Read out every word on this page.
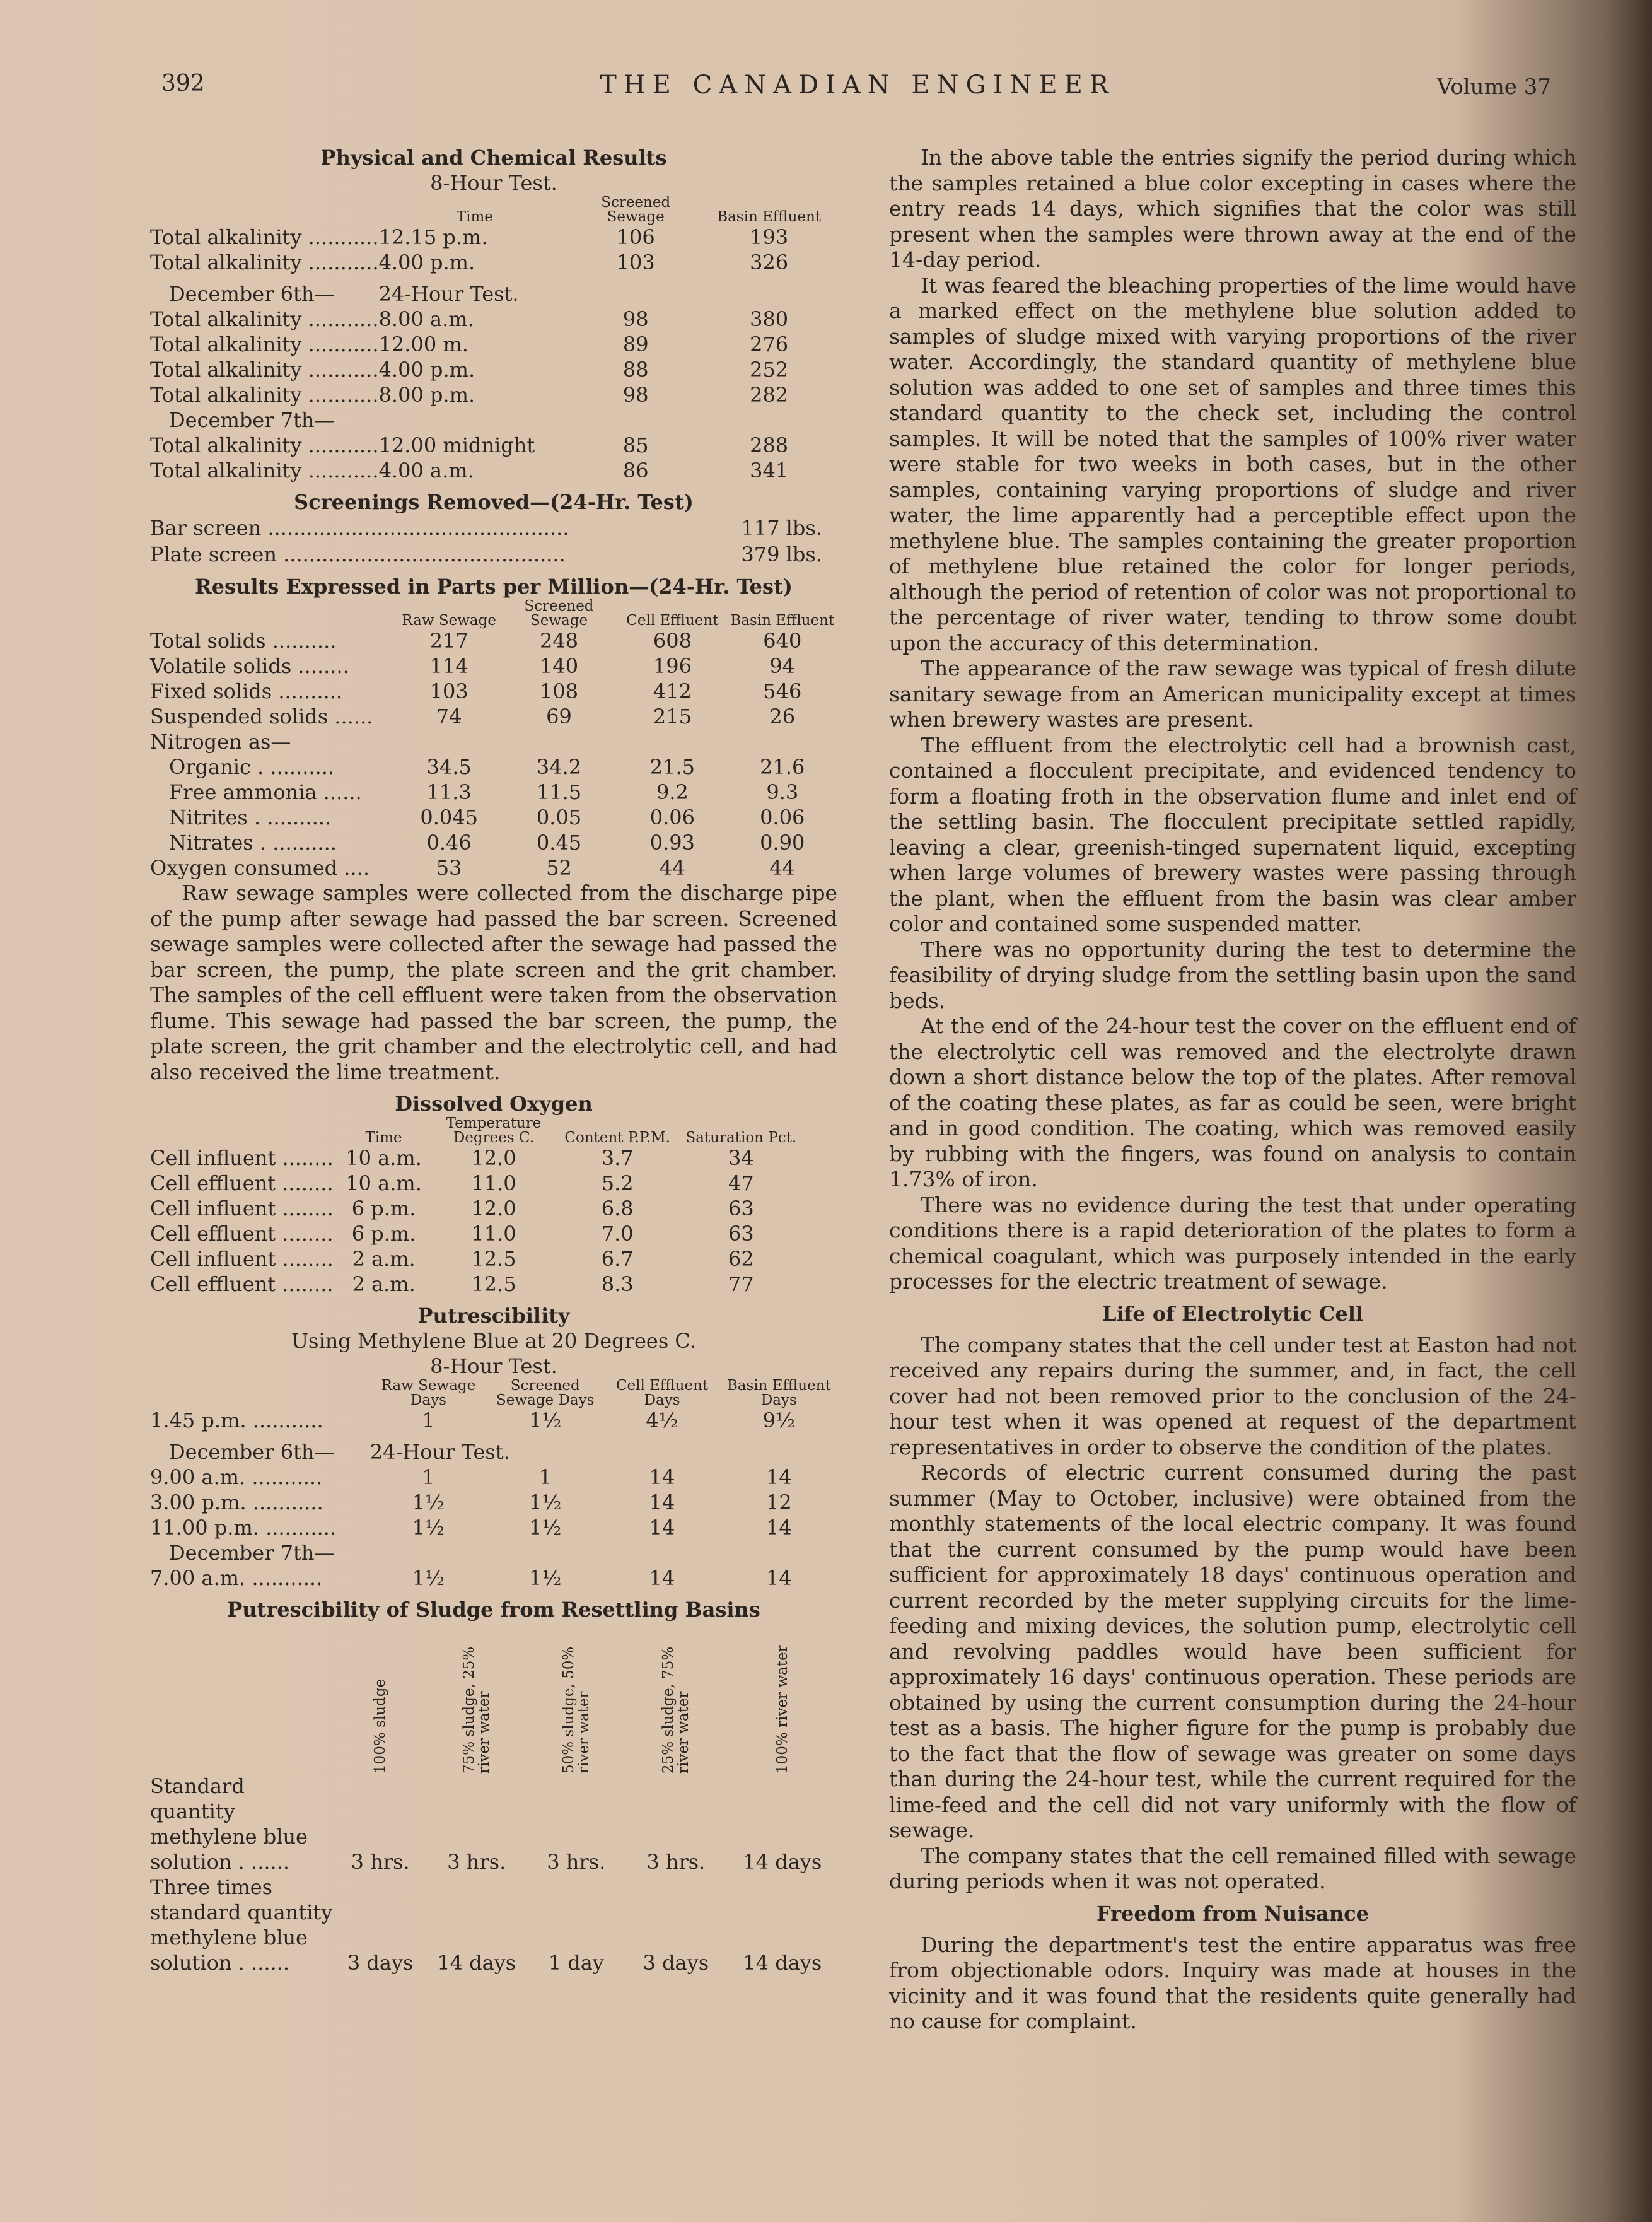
392	THE CANADIAN ENGINEER	Volume 37

Physical and Chemical Results

8-Hour Test.

	Time	Screened Sewage	Basin Effluent
Total alkalinity ...........	12.15 p.m.	106	193
Total alkalinity ...........	4.00 p.m.	103	326
December 6th—	24-Hour Test.		
Total alkalinity ...........	8.00 a.m.	98	380
Total alkalinity ...........	12.00 m.	89	276
Total alkalinity ...........	4.00 p.m.	88	252
Total alkalinity ...........	8.00 p.m.	98	282
December 7th—			
Total alkalinity ...........	12.00 midnight	85	288
Total alkalinity ...........	4.00 a.m.	86	341

Screenings Removed—(24-Hr. Test)

Bar screen ...............................................	117 lbs.
Plate screen ............................................	379 lbs.

Results Expressed in Parts per Million—(24-Hr. Test)

	Raw Sewage	Screened Sewage	Cell Effluent	Basin Effluent
Total solids ..........	217	248	608	640
Volatile solids ........	114	140	196	94
Fixed solids ..........	103	108	412	546
Suspended solids ......	74	69	215	26
Nitrogen as—				
Organic . ..........	34.5	34.2	21.5	21.6
Free ammonia ......	11.3	11.5	9.2	9.3
Nitrites . ..........	0.045	0.05	0.06	0.06
Nitrates . ..........	0.46	0.45	0.93	0.90
Oxygen consumed ....	53	52	44	44

Raw sewage samples were collected from the discharge pipe of the pump after sewage had passed the bar screen. Screened sewage samples were collected after the sewage had passed the bar screen, the pump, the plate screen and the grit chamber. The samples of the cell effluent were taken from the observation flume. This sewage had passed the bar screen, the pump, the plate screen, the grit chamber and the electrolytic cell, and had also received the lime treatment.

Dissolved Oxygen

	Time	Temperature Degrees C.	Content P.P.M.	Saturation Pct.	
Cell influent ........	10 a.m.	12.0	3.7	34	
Cell effluent ........	10 a.m.	11.0	5.2	47	
Cell influent ........	6 p.m.	12.0	6.8	63	
Cell effluent ........	6 p.m.	11.0	7.0	63	
Cell influent ........	2 a.m.	12.5	6.7	62	
Cell effluent ........	2 a.m.	12.5	8.3	77	

Putrescibility

Using Methylene Blue at 20 Degrees C.

8-Hour Test.

	Raw Sewage Days	Screened Sewage Days	Cell Effluent Days	Basin Effluent Days
1.45 p.m. ...........	1	1½	4½	9½
December 6th—	24-Hour Test.			
9.00 a.m. ...........	1	1	14	14
3.00 p.m. ...........	1½	1½	14	12
11.00 p.m. ...........	1½	1½	14	14
December 7th—				
7.00 a.m. ...........	1½	1½	14	14

Putrescibility of Sludge from Resettling Basins

	100% sludge	75% sludge, 25% river water	50% sludge, 50% river water	25% sludge, 75% river water	100% river water

Standard quantity methylene blue solution . ......	3 hrs.	3 hrs.	3 hrs.	3 hrs.	14 days
Three times standard quantity methylene blue solution . ......	3 days	14 days	1 day	3 days	14 days

In the above table the entries signify the period during which the samples retained a blue color excepting in cases where the entry reads 14 days, which signifies that the color was still present when the samples were thrown away at the end of the 14-day period.

It was feared the bleaching properties of the lime would have a marked effect on the methylene blue solution added to samples of sludge mixed with varying proportions of the river water. Accordingly, the standard quantity of methylene blue solution was added to one set of samples and three times this standard quantity to the check set, including the control samples. It will be noted that the samples of 100% river water were stable for two weeks in both cases, but in the other samples, containing varying proportions of sludge and river water, the lime apparently had a perceptible effect upon the methylene blue. The samples containing the greater proportion of methylene blue retained the color for longer periods, although the period of retention of color was not proportional to the percentage of river water, tending to throw some doubt upon the accuracy of this determination.

The appearance of the raw sewage was typical of fresh dilute sanitary sewage from an American municipality except at times when brewery wastes are present.

The effluent from the electrolytic cell had a brownish cast, contained a flocculent precipitate, and evidenced tendency to form a floating froth in the observation flume and inlet end of the settling basin. The flocculent precipitate settled rapidly, leaving a clear, greenish-tinged supernatent liquid, excepting when large volumes of brewery wastes were passing through the plant, when the effluent from the basin was clear amber color and contained some suspended matter.

There was no opportunity during the test to determine the feasibility of drying sludge from the settling basin upon the sand beds.

At the end of the 24-hour test the cover on the effluent end of the electrolytic cell was removed and the electrolyte drawn down a short distance below the top of the plates. After removal of the coating these plates, as far as could be seen, were bright and in good condition. The coating, which was removed easily by rubbing with the fingers, was found on analysis to contain 1.73% of iron.

There was no evidence during the test that under operating conditions there is a rapid deterioration of the plates to form a chemical coagulant, which was purposely intended in the early processes for the electric treatment of sewage.

Life of Electrolytic Cell

The company states that the cell under test at Easton had not received any repairs during the summer, and, in fact, the cell cover had not been removed prior to the conclusion of the 24-hour test when it was opened at request of the department representatives in order to observe the condition of the plates.

Records of electric current consumed during the past summer (May to October, inclusive) were obtained from the monthly statements of the local electric company. It was found that the current consumed by the pump would have been sufficient for approximately 18 days' continuous operation and current recorded by the meter supplying circuits for the lime-feeding and mixing devices, the solution pump, electrolytic cell and revolving paddles would have been sufficient for approximately 16 days' continuous operation. These periods are obtained by using the current consumption during the 24-hour test as a basis. The higher figure for the pump is probably due to the fact that the flow of sewage was greater on some days than during the 24-hour test, while the current required for the lime-feed and the cell did not vary uniformly with the flow of sewage.

The company states that the cell remained filled with sewage during periods when it was not operated.

Freedom from Nuisance

During the department's test the entire apparatus was free from objectionable odors. Inquiry was made at houses in the vicinity and it was found that the residents quite generally had no cause for complaint.
